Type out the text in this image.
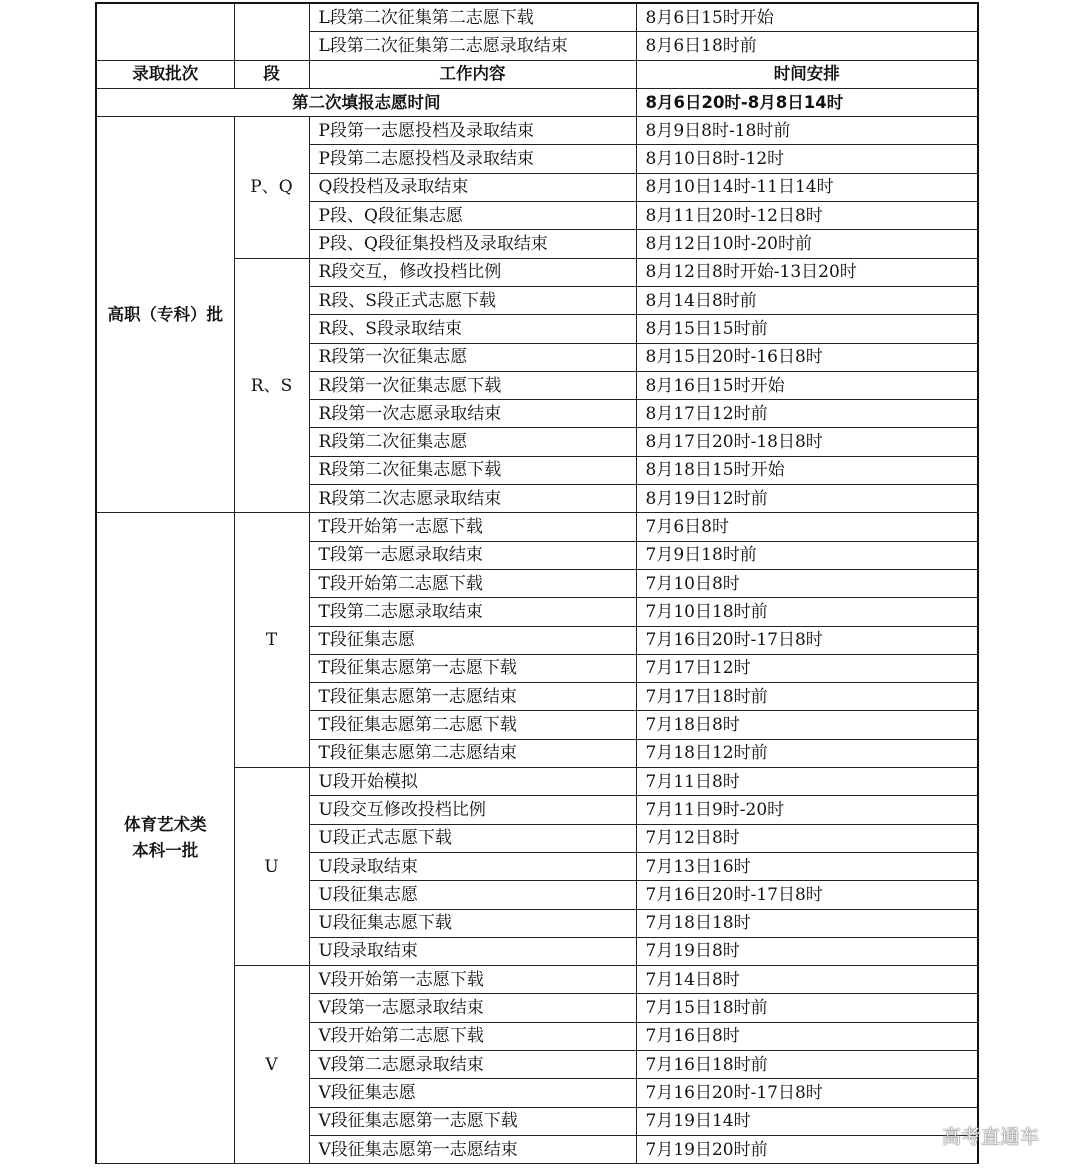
		L段第二次征集第二志愿下载	8月6日15时开始
		L段第二次征集第二志愿录取结束	8月6日18时前
录取批次	段	工作内容	时间安排
第二次填报志愿时间			8月6日20时-8月8日14时
高职（专科）批	P、Q	P段第一志愿投档及录取结束	8月9日8时-18时前
		P段第二志愿投档及录取结束	8月10日8时-12时
		Q段投档及录取结束	8月10日14时-11日14时
		P段、Q段征集志愿	8月11日20时-12日8时
		P段、Q段征集投档及录取结束	8月12日10时-20时前
	R、S	R段交互，修改投档比例	8月12日8时开始-13日20时
		R段、S段正式志愿下载	8月14日8时前
		R段、S段录取结束	8月15日15时前
		R段第一次征集志愿	8月15日20时-16日8时
		R段第一次征集志愿下载	8月16日15时开始
		R段第一次志愿录取结束	8月17日12时前
		R段第二次征集志愿	8月17日20时-18日8时
		R段第二次征集志愿下载	8月18日15时开始
		R段第二次志愿录取结束	8月19日12时前

体育艺术类
本科一批	T	T段开始第一志愿下载	7月6日8时
		T段第一志愿录取结束	7月9日18时前
		T段开始第二志愿下载	7月10日8时
		T段第二志愿录取结束	7月10日18时前
		T段征集志愿	7月16日20时-17日8时
		T段征集志愿第一志愿下载	7月17日12时
		T段征集志愿第一志愿结束	7月17日18时前
		T段征集志愿第二志愿下载	7月18日8时
		T段征集志愿第二志愿结束	7月18日12时前
	U	U段开始模拟	7月11日8时
		U段交互修改投档比例	7月11日9时-20时
		U段正式志愿下载	7月12日8时
		U段录取结束	7月13日16时
		U段征集志愿	7月16日20时-17日8时
		U段征集志愿下载	7月18日18时
		U段录取结束	7月19日8时
	V	V段开始第一志愿下载	7月14日8时
		V段第一志愿录取结束	7月15日18时前
		V段开始第二志愿下载	7月16日8时
		V段第二志愿录取结束	7月16日18时前
		V段征集志愿	7月16日20时-17日8时
		V段征集志愿第一志愿下载	7月19日14时
		V段征集志愿第一志愿结束	7月19日20时前
高考直通车
